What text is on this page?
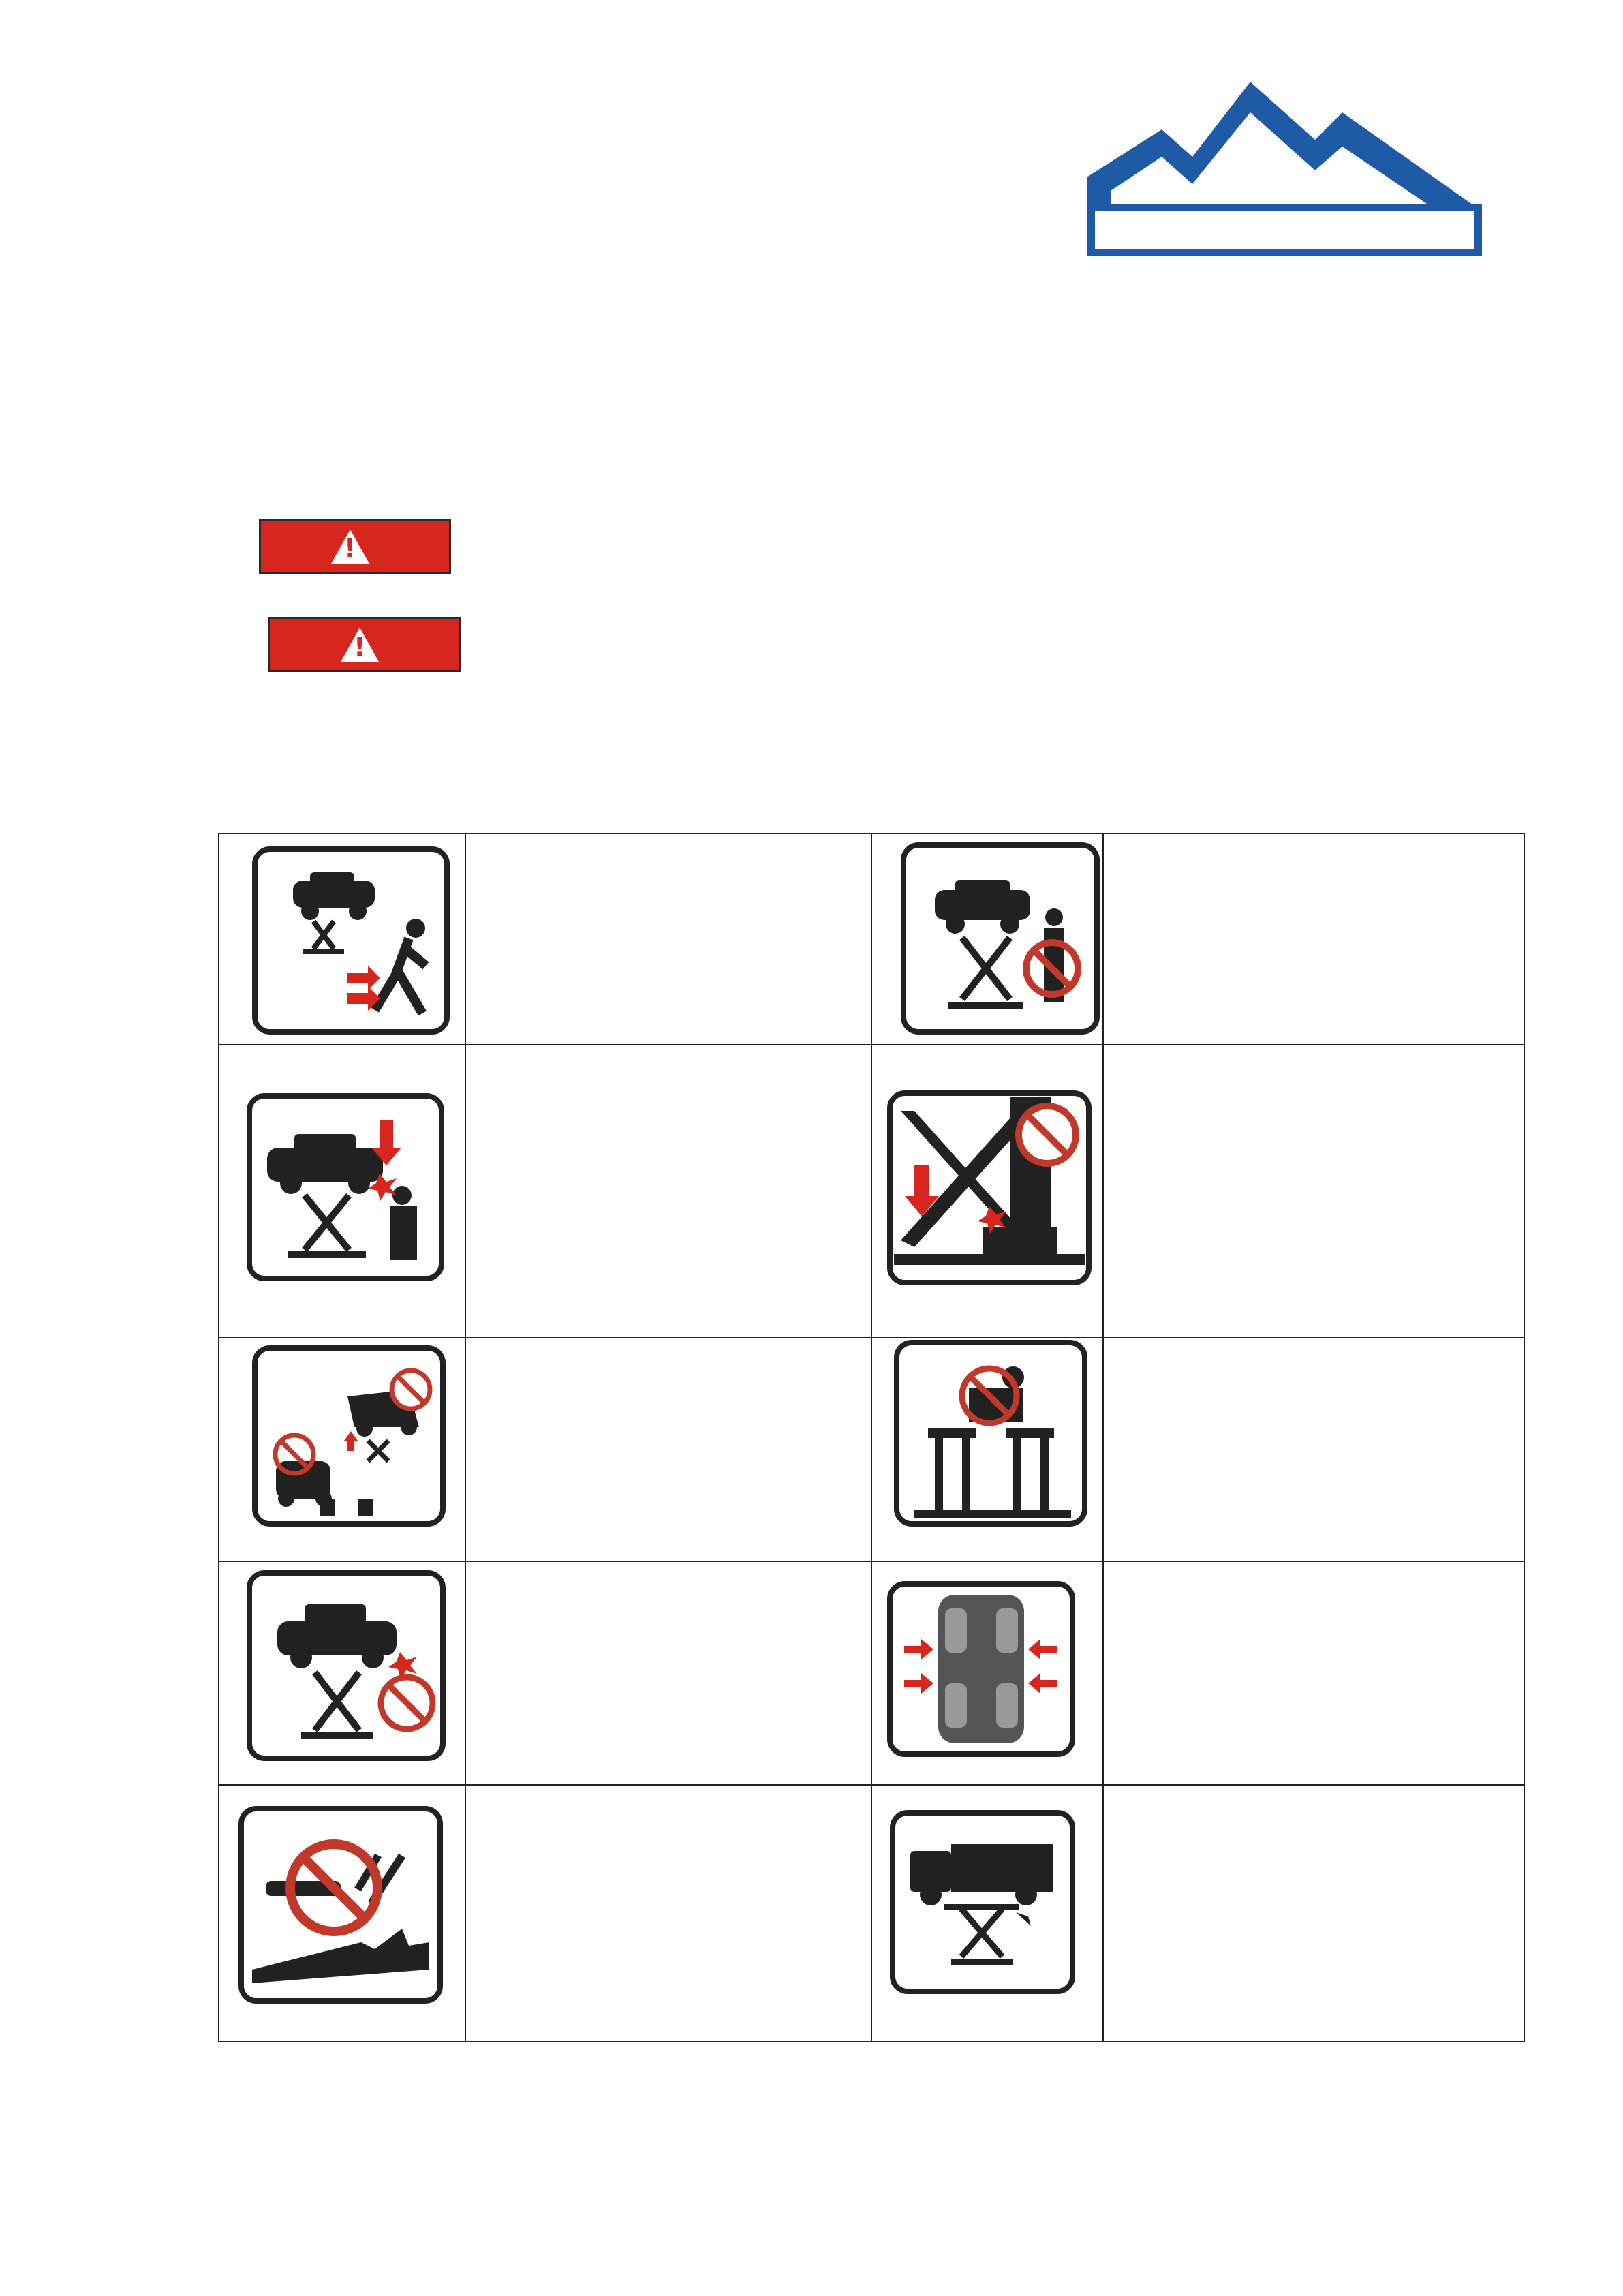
!
!
